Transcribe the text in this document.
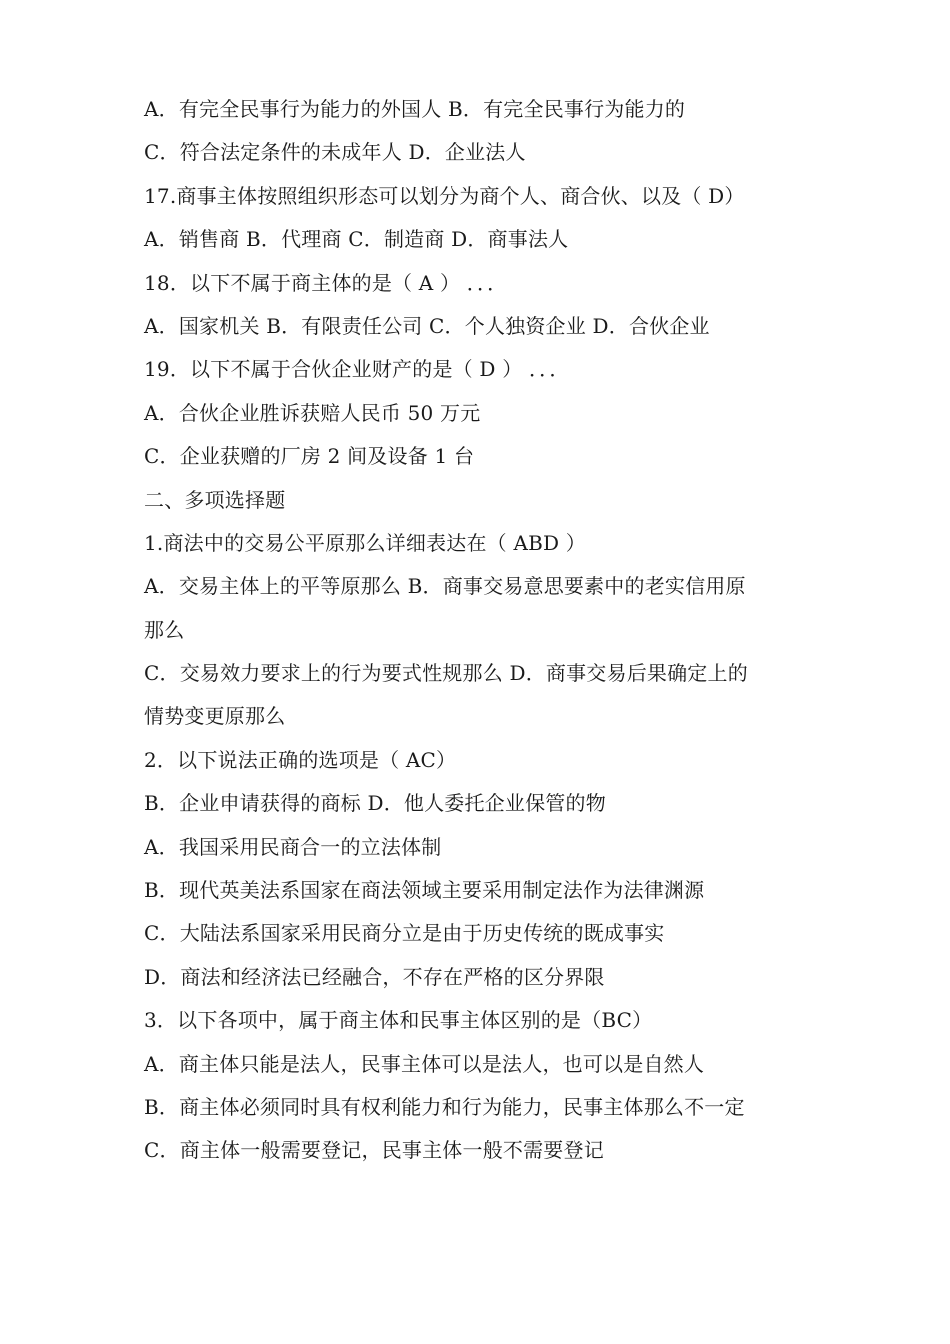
A．有完全民事行为能力的外国人 B．有完全民事行为能力的
C．符合法定条件的未成年人 D．企业法人
17.商事主体按照组织形态可以划分为商个人、商合伙、以及（ D）
A．销售商 B．代理商 C．制造商 D．商事法人
18．以下不属于商主体的是（ A ） ．．．
A．国家机关 B．有限责任公司 C．个人独资企业 D．合伙企业
19．以下不属于合伙企业财产的是（ D ） ．．．
A．合伙企业胜诉获赔人民币 50 万元
C．企业获赠的厂房 2 间及设备 1 台
二、多项选择题
1.商法中的交易公平原那么详细表达在（ ABD ）
A．交易主体上的平等原那么 B．商事交易意思要素中的老实信用原
那么
C．交易效力要求上的行为要式性规那么 D．商事交易后果确定上的
情势变更原那么
2．以下说法正确的选项是（ AC）
B．企业申请获得的商标 D．他人委托企业保管的物
A．我国采用民商合一的立法体制
B．现代英美法系国家在商法领域主要采用制定法作为法律渊源
C．大陆法系国家采用民商分立是由于历史传统的既成事实
D．商法和经济法已经融合，不存在严格的区分界限
3．以下各项中，属于商主体和民事主体区别的是（BC）
A．商主体只能是法人，民事主体可以是法人，也可以是自然人
B．商主体必须同时具有权利能力和行为能力，民事主体那么不一定
C．商主体一般需要登记，民事主体一般不需要登记
